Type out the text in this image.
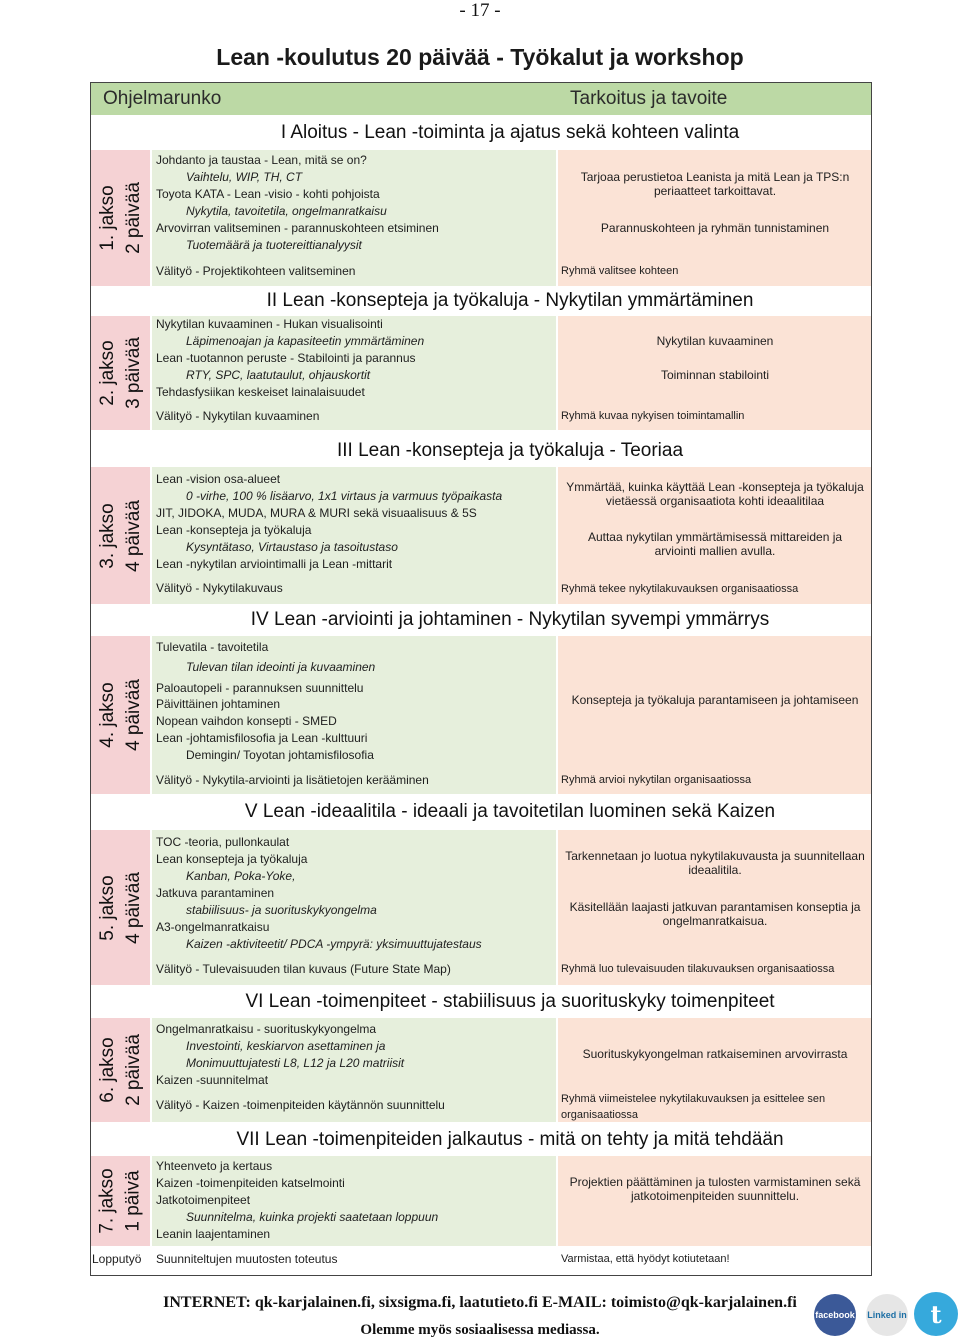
- 17 -
Lean -koulutus 20 päivää - Työkalut ja workshop
Ohjelmarunko	Tarkoitus ja tavoite
I Aloitus - Lean -toiminta ja ajatus sekä kohteen valinta
1. jakso 2 päivää
Johdanto ja taustaa - Lean, mitä se on?
Vaihtelu, WIP, TH, CT
Toyota KATA - Lean -visio - kohti pohjoista
Nykytila, tavoitetila, ongelmanratkaisu
Arvovirran valitseminen - parannuskohteen etsiminen
Tuotemäärä ja tuotereittianalyysit
Välityö - Projektikohteen valitseminen
Tarjoaa perustietoa Leanista ja mitä Lean ja TPS:n periaatteet tarkoittavat.
Parannuskohteen ja ryhmän tunnistaminen
Ryhmä valitsee kohteen
II Lean -konsepteja ja työkaluja - Nykytilan ymmärtäminen
2. jakso 3 päivää
Nykytilan kuvaaminen - Hukan visualisointi
Läpimenoajan ja kapasiteetin ymmärtäminen
Lean -tuotannon peruste - Stabilointi ja parannus
RTY, SPC, laatutaulut, ohjauskortit
Tehdasfysiikan keskeiset lainalaisuudet
Välityö - Nykytilan kuvaaminen
Nykytilan kuvaaminen
Toiminnan stabilointi
Ryhmä kuvaa nykyisen toimintamallin
III Lean -konsepteja ja työkaluja - Teoriaa
3. jakso 4 päivää
Lean -vision osa-alueet
0 -virhe, 100 % lisäarvo, 1x1 virtaus ja varmuus työpaikasta
JIT, JIDOKA, MUDA, MURA & MURI sekä visuaalisuus & 5S
Lean -konsepteja ja työkaluja
Kysyntätaso, Virtaustaso ja tasoitustaso
Lean -nykytilan arviointimalli ja Lean -mittarit
Välityö - Nykytilakuvaus
Ymmärtää, kuinka käyttää Lean -konsepteja ja työkaluja vietäessä organisaatiota kohti ideaalitilaa
Auttaa nykytilan ymmärtämisessä mittareiden ja arviointi mallien avulla.
Ryhmä tekee nykytilakuvauksen organisaatiossa
IV Lean -arviointi ja johtaminen - Nykytilan syvempi ymmärrys
4. jakso 4 päivää
Tulevatila - tavoitetila
Tulevan tilan ideointi ja kuvaaminen
Paloautopeli - parannuksen suunnittelu
Päivittäinen johtaminen
Nopean vaihdon konsepti - SMED
Lean -johtamisfilosofia ja Lean -kulttuuri
Demingin/ Toyotan johtamisfilosofia
Välityö - Nykytila-arviointi ja lisätietojen kerääminen
Konsepteja ja työkaluja parantamiseen ja johtamiseen
Ryhmä arvioi nykytilan organisaatiossa
V Lean -ideaalitila - ideaali ja tavoitetilan luominen sekä Kaizen
5. jakso 4 päivää
TOC -teoria, pullonkaulat
Lean konsepteja ja työkaluja
Kanban, Poka-Yoke,
Jatkuva parantaminen
stabiilisuus- ja suorituskykyongelma
A3-ongelmanratkaisu
Kaizen -aktiviteetit/ PDCA -ympyrä: yksimuuttujatestaus
Välityö - Tulevaisuuden tilan kuvaus (Future State Map)
Tarkennetaan jo luotua nykytilakuvausta ja suunnitellaan ideaalitila.
Käsitellään laajasti jatkuvan parantamisen konseptia ja ongelmanratkaisua.
Ryhmä luo tulevaisuuden tilakuvauksen organisaatiossa
VI Lean -toimenpiteet - stabiilisuus ja suorituskyky toimenpiteet
6. jakso 2 päivää
Ongelmanratkaisu - suorituskykyongelma
Investointi, keskiarvon asettaminen ja
Monimuuttujatesti L8, L12 ja L20 matriisit
Kaizen -suunnitelmat
Välityö - Kaizen -toimenpiteiden käytännön suunnittelu
Suorituskykyongelman ratkaiseminen arvovirrasta
Ryhmä viimeistelee nykytilakuvauksen ja esittelee sen organisaatiossa
VII Lean -toimenpiteiden jalkautus - mitä on tehty ja mitä tehdään
7. jakso 1 päivä
Yhteenveto ja kertaus
Kaizen -toimenpiteiden katselmointi
Jatkotoimenpiteet
Suunnitelma, kuinka projekti saatetaan loppuun
Leanin laajentaminen
Projektien päättäminen ja tulosten varmistaminen sekä jatkotoimenpiteiden suunnittelu.
Lopputyö Suunniteltujen muutosten toteutus	Varmistaa, että hyödyt kotiutetaan!
INTERNET: qk-karjalainen.fi, sixsigma.fi, laatutieto.fi E-MAIL: toimisto@qk-karjalainen.fi
Olemme myös sosiaalisessa mediassa.
facebook Linked in t
